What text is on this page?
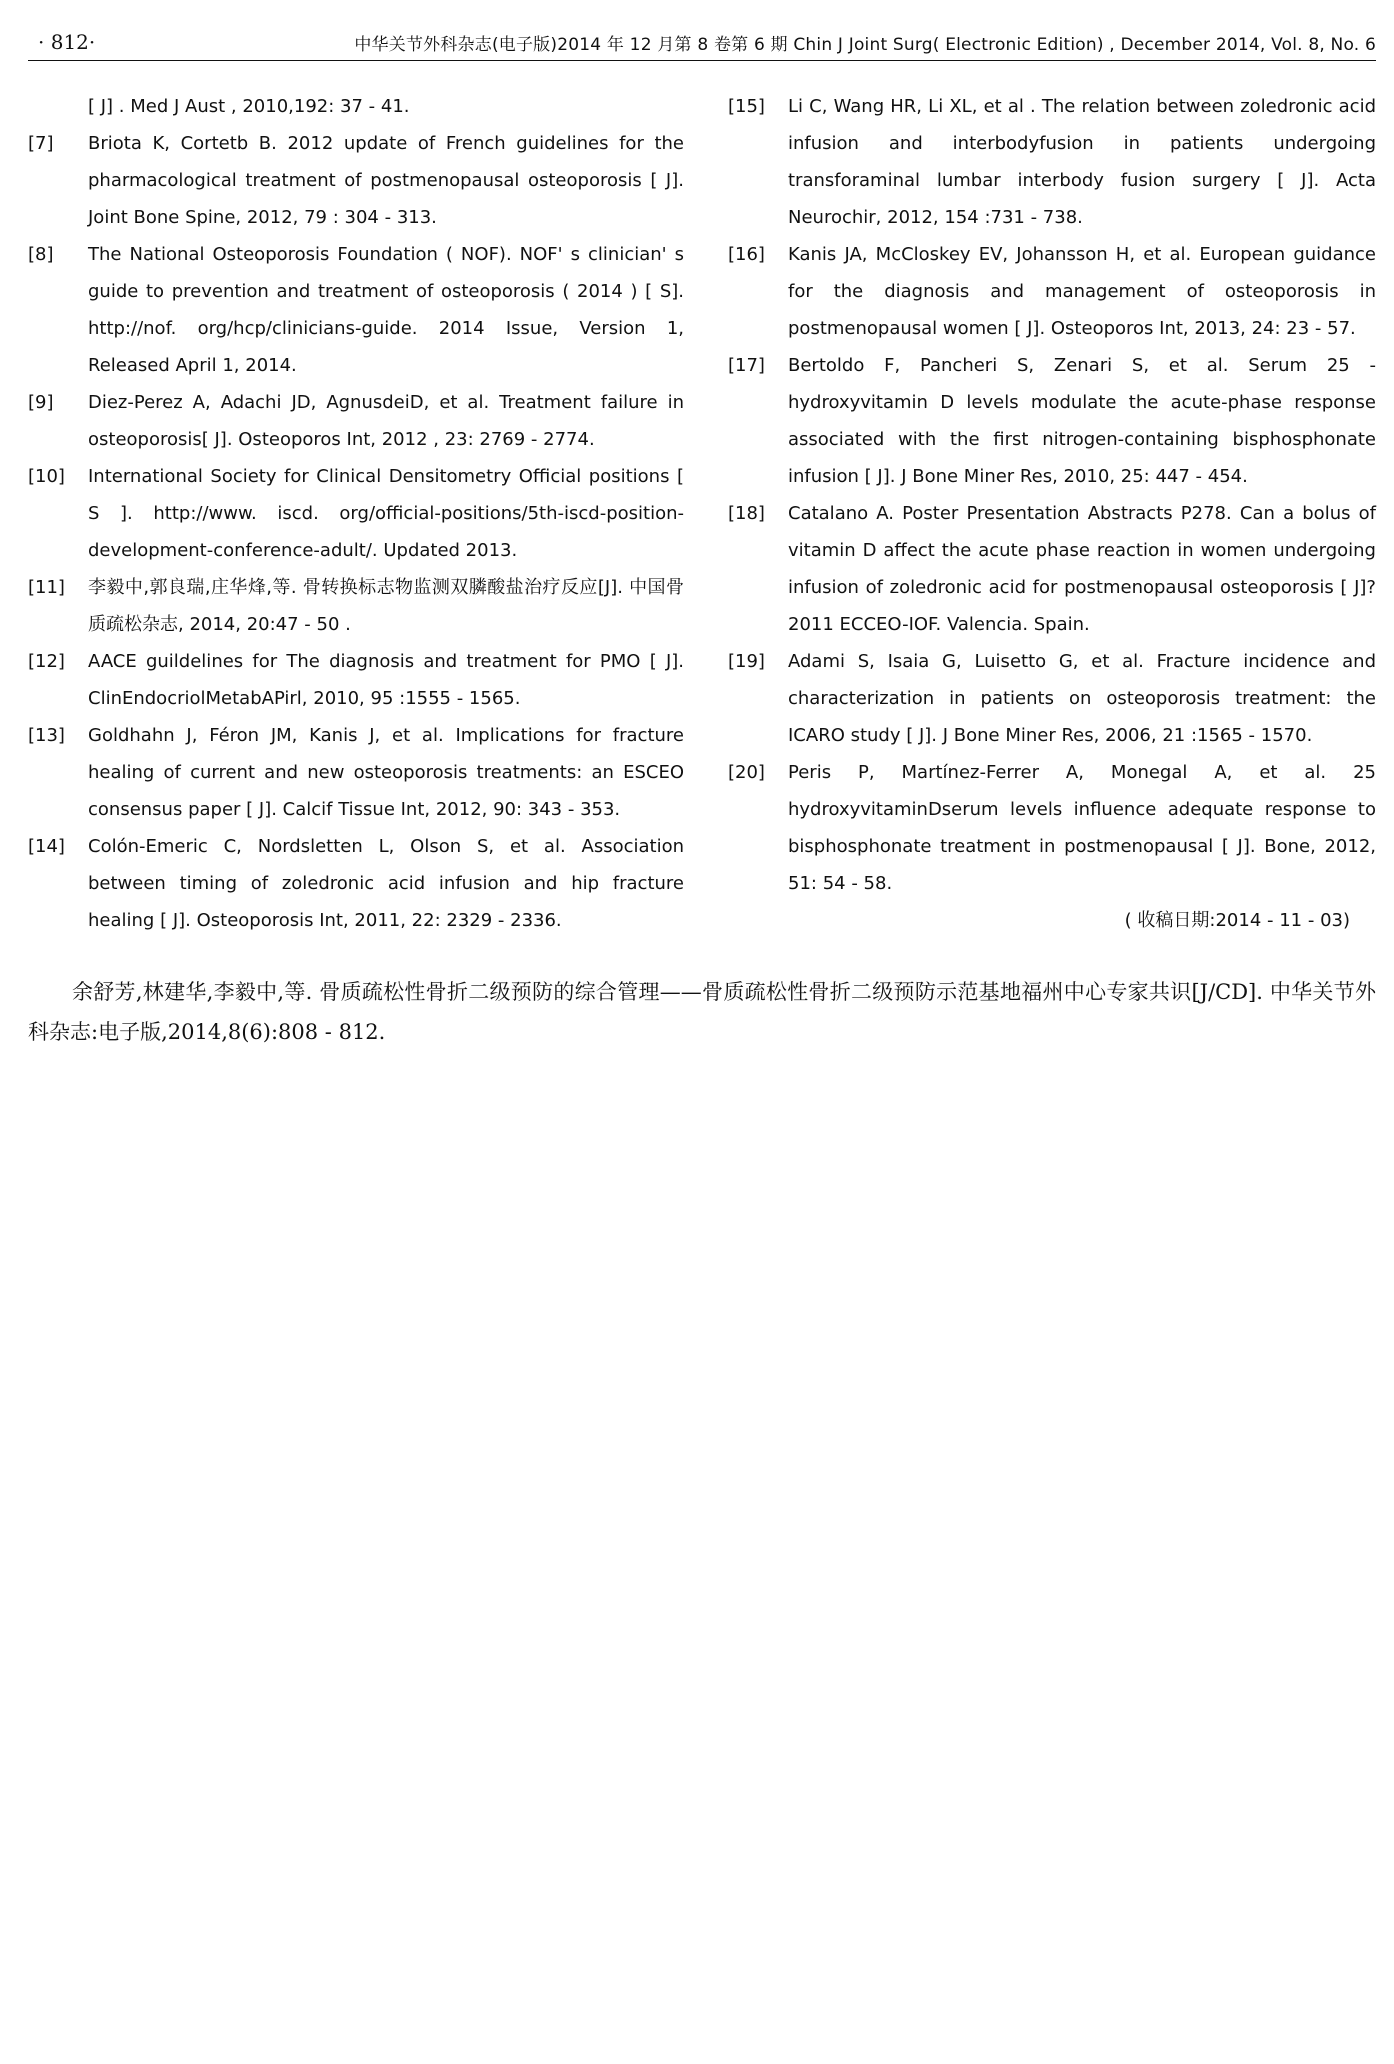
· 812·	中华关节外科杂志(电子版)2014 年 12 月第 8 卷第 6 期 Chin J Joint Surg( Electronic Edition) , December 2014, Vol. 8, No. 6

[ J] . Med J Aust , 2010,192: 37 - 41.

[7] Briota K, Cortetb B. 2012 update of French guidelines for the pharmacological treatment of postmenopausal osteoporosis [ J]. Joint Bone Spine, 2012, 79 : 304 - 313.

[8] The National Osteoporosis Foundation ( NOF). NOF' s clinician' s guide to prevention and treatment of osteoporosis ( 2014 ) [ S]. http://nof. org/hcp/clinicians-guide. 2014 Issue, Version 1, Released April 1, 2014.

[9] Diez-Perez A, Adachi JD, AgnusdeiD, et al. Treatment failure in osteoporosis[ J]. Osteoporos Int, 2012 , 23: 2769 - 2774.

[10] International Society for Clinical Densitometry Official positions [ S ]. http://www. iscd. org/official-positions/5th-iscd-position-development-conference-adult/. Updated 2013.

[11] 李毅中,郭良瑞,庄华烽,等. 骨转换标志物监测双膦酸盐治疗反应[J]. 中国骨质疏松杂志, 2014, 20:47 - 50 .

[12] AACE guildelines for The diagnosis and treatment for PMO [ J]. ClinEndocriolMetabAPirl, 2010, 95 :1555 - 1565.

[13] Goldhahn J, Féron JM, Kanis J, et al. Implications for fracture healing of current and new osteoporosis treatments: an ESCEO consensus paper [ J]. Calcif Tissue Int, 2012, 90: 343 - 353.

[14] Colón-Emeric C, Nordsletten L, Olson S, et al. Association between timing of zoledronic acid infusion and hip fracture healing [ J]. Osteoporosis Int, 2011, 22: 2329 - 2336.

[15] Li C, Wang HR, Li XL, et al . The relation between zoledronic acid infusion and interbodyfusion in patients undergoing transforaminal lumbar interbody fusion surgery [ J]. Acta Neurochir, 2012, 154 :731 - 738.

[16] Kanis JA, McCloskey EV, Johansson H, et al. European guidance for the diagnosis and management of osteoporosis in postmenopausal women [ J]. Osteoporos Int, 2013, 24: 23 - 57.

[17] Bertoldo F, Pancheri S, Zenari S, et al. Serum 25 - hydroxyvitamin D levels modulate the acute-phase response associated with the first nitrogen-containing bisphosphonate infusion [ J]. J Bone Miner Res, 2010, 25: 447 - 454.

[18] Catalano A. Poster Presentation Abstracts P278. Can a bolus of vitamin D affect the acute phase reaction in women undergoing infusion of zoledronic acid for postmenopausal osteoporosis [ J]? 2011 ECCEO-IOF. Valencia. Spain.

[19] Adami S, Isaia G, Luisetto G, et al. Fracture incidence and characterization in patients on osteoporosis treatment: the ICARO study [ J]. J Bone Miner Res, 2006, 21 :1565 - 1570.

[20] Peris P, Martínez-Ferrer A, Monegal A, et al. 25 hydroxyvitaminDserum levels influence adequate response to bisphosphonate treatment in postmenopausal [ J]. Bone, 2012, 51: 54 - 58.

( 收稿日期:2014 - 11 - 03)
余舒芳,林建华,李毅中,等. 骨质疏松性骨折二级预防的综合管理——骨质疏松性骨折二级预防示范基地福州中心专家共识[J/CD]. 中华关节外科杂志:电子版,2014,8(6):808 - 812.
